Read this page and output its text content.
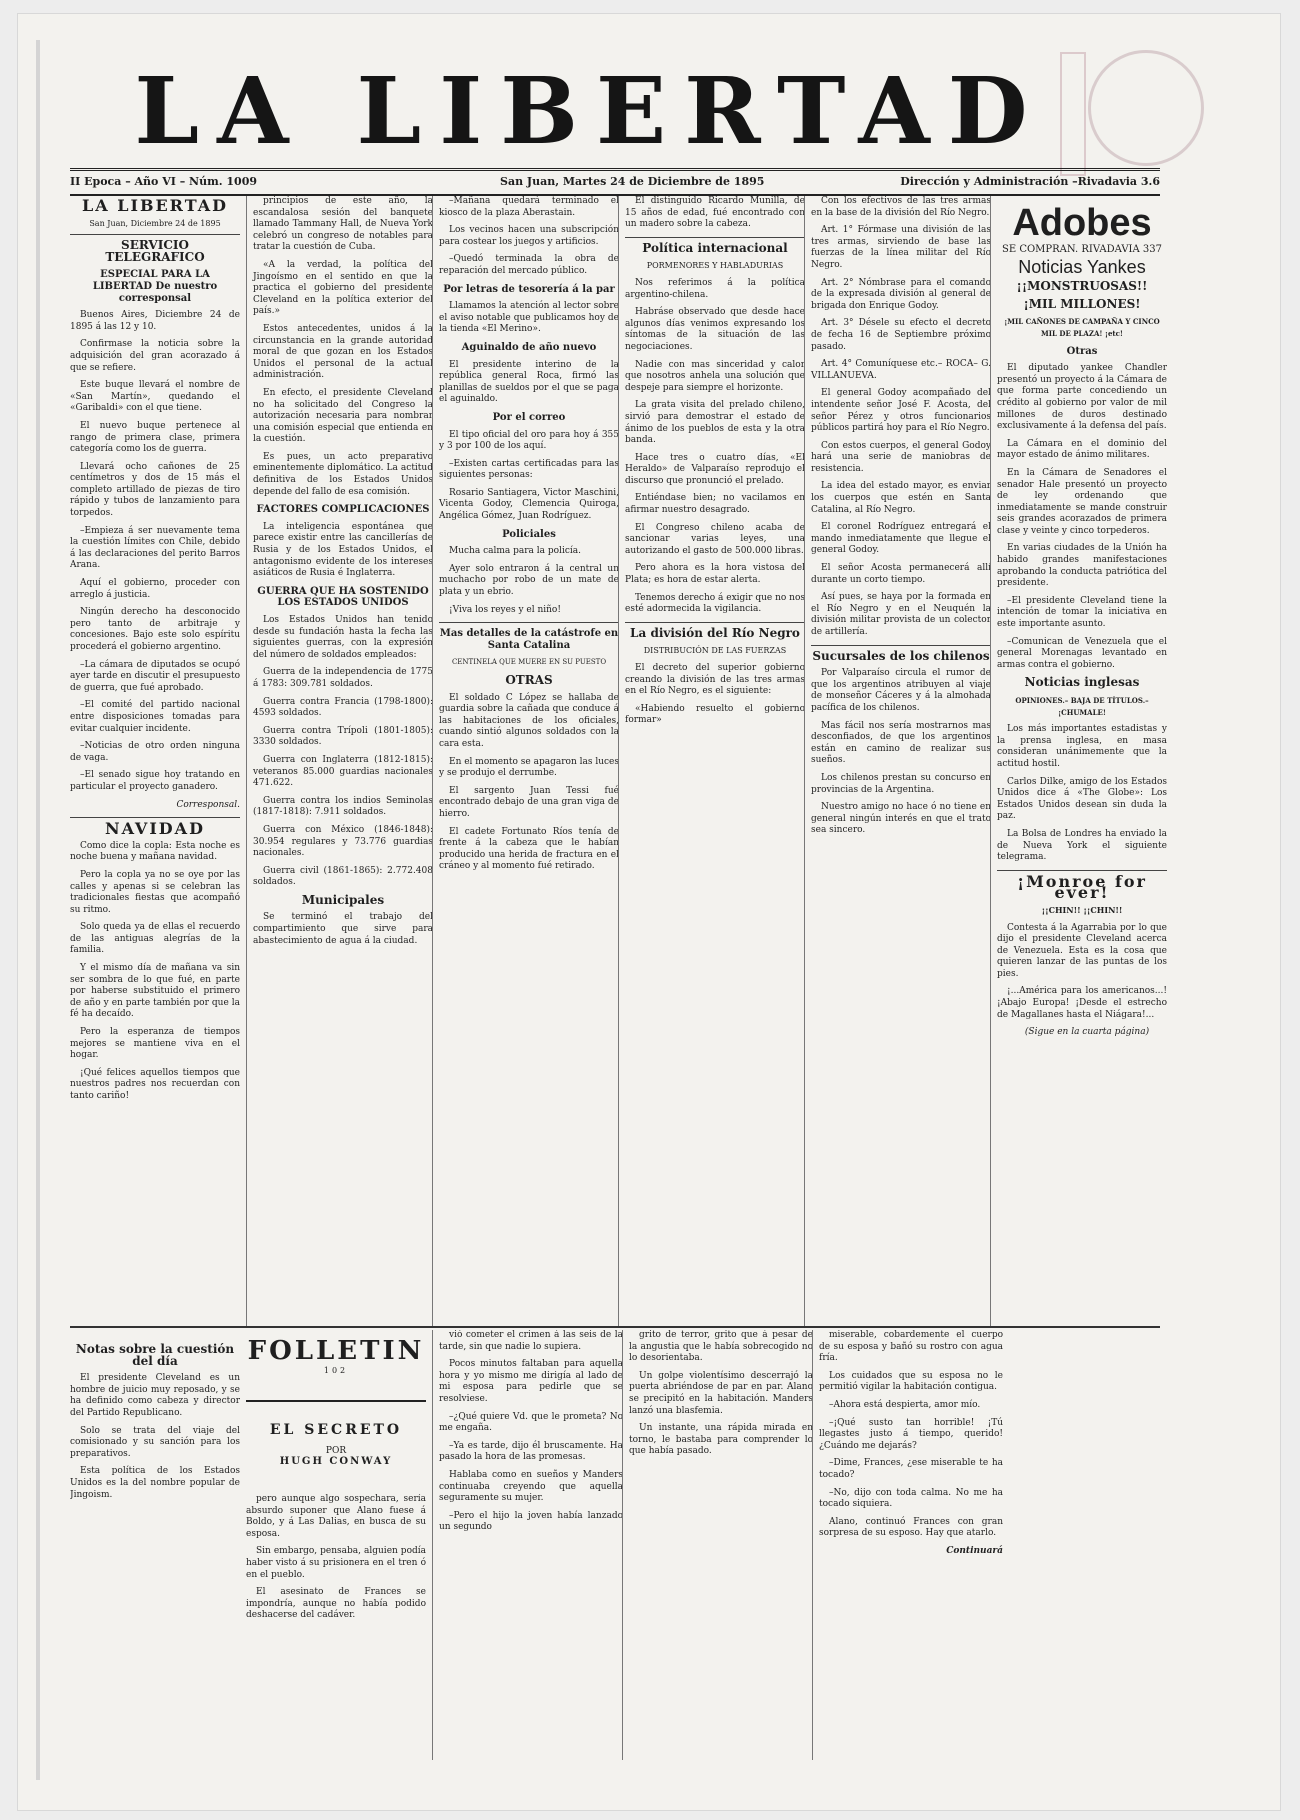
LA LIBERTAD
II Epoca – Año VI – Núm. 1009	San Juan, Martes 24 de Diciembre de 1895	Dirección y Administración –Rivadavia 3.6
LA LIBERTAD
San Juan, Diciembre 24 de 1895
SERVICIO TELEGRAFICO
ESPECIAL PARA LA LIBERTAD De nuestro corresponsal

Buenos Aires, Diciembre 24 de 1895 á las 12 y 10.

Confirmase la noticia sobre la adquisición del gran acorazado á que se refiere.

Este buque llevará el nombre de «San Martín», quedando el «Garibaldi» con el que tiene.

El nuevo buque pertenece al rango de primera clase, primera categoría como los de guerra.

Llevará ocho cañones de 25 centímetros y dos de 15 más el completo artillado de piezas de tiro rápido y tubos de lanzamiento para torpedos.

–Empieza á ser nuevamente tema la cuestión límites con Chile, debido á las declaraciones del perito Barros Arana.

Aquí el gobierno, proceder con arreglo á justicia.

Ningún derecho ha desconocido pero tanto de arbitraje y concesiones. Bajo este solo espíritu procederá el gobierno argentino.

–La cámara de diputados se ocupó ayer tarde en discutir el presupuesto de guerra, que fué aprobado.

–El comité del partido nacional entre disposiciones tomadas para evitar cualquier incidente.

–Noticias de otro orden ninguna de vaga.

–El senado sigue hoy tratando en particular el proyecto ganadero.

Corresponsal.

NAVIDAD

Como dice la copla: Esta noche es noche buena y mañana navidad.

Pero la copla ya no se oye por las calles y apenas si se celebran las tradicionales fiestas que acompañó su ritmo.

Solo queda ya de ellas el recuerdo de las antiguas alegrías de la familia.

Y el mismo día de mañana va sin ser sombra de lo que fué, en parte por haberse substituido el primero de año y en parte también por que la fé ha decaído.

Pero la esperanza de tiempos mejores se mantiene viva en el hogar.

¡Qué felices aquellos tiempos que nuestros padres nos recuerdan con tanto cariño!

principios de este año, la escandalosa sesión del banquete llamado Tammany Hall, de Nueva York celebró un congreso de notables para tratar la cuestión de Cuba.

«A la verdad, la política del Jingoísmo en el sentido en que la practica el gobierno del presidente Cleveland en la política exterior del país.»

Estos antecedentes, unidos á la circunstancia en la grande autoridad moral de que gozan en los Estados Unidos el personal de la actual administración.

En efecto, el presidente Cleveland no ha solicitado del Congreso la autorización necesaria para nombrar una comisión especial que entienda en la cuestión.

Es pues, un acto preparativo eminentemente diplomático. La actitud definitiva de los Estados Unidos depende del fallo de esa comisión.

FACTORES COMPLICACIONES

La inteligencia espontánea que parece existir entre las cancillerías de Rusia y de los Estados Unidos, el antagonismo evidente de los intereses asiáticos de Rusia é Inglaterra.

GUERRA QUE HA SOSTENIDO LOS ESTADOS UNIDOS

Los Estados Unidos han tenido desde su fundación hasta la fecha las siguientes guerras, con la expresión del número de soldados empleados:

Guerra de la independencia de 1775 á 1783: 309.781 soldados.

Guerra contra Francia (1798-1800): 4593 soldados.

Guerra contra Trípoli (1801-1805): 3330 soldados.

Guerra con Inglaterra (1812-1815): veteranos 85.000 guardias nacionales 471.622.

Guerra contra los indios Seminolas (1817-1818): 7.911 soldados.

Guerra con México (1846-1848): 30.954 regulares y 73.776 guardias nacionales.

Guerra civil (1861-1865): 2.772.408 soldados.

Municipales

Se terminó el trabajo del compartimiento que sirve para abastecimiento de agua á la ciudad.

–Mañana quedará terminado el kiosco de la plaza Aberastain.

Los vecinos hacen una subscripción para costear los juegos y artificios.

–Quedó terminada la obra de reparación del mercado público.

Por letras de tesorería á la par

Llamamos la atención al lector sobre el aviso notable que publicamos hoy de la tienda «El Merino».

Aguinaldo de año nuevo

El presidente interino de la república general Roca, firmó las planillas de sueldos por el que se paga el aguinaldo.

Por el correo

El tipo oficial del oro para hoy á 355 y 3 por 100 de los aquí.

–Existen cartas certificadas para las siguientes personas:

Rosario Santiagera, Victor Maschini, Vicenta Godoy, Clemencia Quiroga, Angélica Gómez, Juan Rodríguez.

Policiales

Mucha calma para la policía.

Ayer solo entraron á la central un muchacho por robo de un mate de plata y un ebrio.

¡Viva los reyes y el niño!

Mas detalles de la catástrofe en Santa Catalina
CENTINELA QUE MUERE EN SU PUESTO
OTRAS

El soldado C López se hallaba de guardia sobre la cañada que conduce á las habitaciones de los oficiales, cuando sintió algunos soldados con la cara esta.

En el momento se apagaron las luces y se produjo el derrumbe.

El sargento Juan Tessi fué encontrado debajo de una gran viga de hierro.

El cadete Fortunato Ríos tenía de frente á la cabeza que le habían producido una herida de fractura en el cráneo y al momento fué retirado.

El distinguido Ricardo Munilla, de 15 años de edad, fué encontrado con un madero sobre la cabeza.

Política internacional
PORMENORES Y HABLADURIAS

Nos referimos á la política argentino-chilena.

Habráse observado que desde hace algunos días venimos expresando los síntomas de la situación de las negociaciones.

Nadie con mas sinceridad y calor que nosotros anhela una solución que despeje para siempre el horizonte.

La grata visita del prelado chileno, sirvió para demostrar el estado de ánimo de los pueblos de esta y la otra banda.

Hace tres o cuatro días, «El Heraldo» de Valparaíso reprodujo el discurso que pronunció el prelado.

Entiéndase bien; no vacilamos en afirmar nuestro desagrado.

El Congreso chileno acaba de sancionar varias leyes, una autorizando el gasto de 500.000 libras.

Pero ahora es la hora vistosa del Plata; es hora de estar alerta.

Tenemos derecho á exigir que no nos esté adormecida la vigilancia.

La división del Río Negro
DISTRIBUCIÓN DE LAS FUERZAS

El decreto del superior gobierno creando la división de las tres armas en el Río Negro, es el siguiente:

«Habiendo resuelto el gobierno formar»

Con los efectivos de las tres armas en la base de la división del Río Negro.

Art. 1° Fórmase una división de las tres armas, sirviendo de base las fuerzas de la línea militar del Río Negro.

Art. 2° Nómbrase para el comando de la expresada división al general de brigada don Enrique Godoy.

Art. 3° Désele su efecto el decreto de fecha 16 de Septiembre próximo pasado.

Art. 4° Comuníquese etc.– ROCA– G. VILLANUEVA.

El general Godoy acompañado del intendente señor José F. Acosta, del señor Pérez y otros funcionarios públicos partirá hoy para el Río Negro.

Con estos cuerpos, el general Godoy hará una serie de maniobras de resistencia.

La idea del estado mayor, es enviar los cuerpos que estén en Santa Catalina, al Río Negro.

El coronel Rodríguez entregará el mando inmediatamente que llegue el general Godoy.

El señor Acosta permanecerá allí durante un corto tiempo.

Así pues, se haya por la formada en el Río Negro y en el Neuquén la división militar provista de un colector de artillería.

Sucursales de los chilenos

Por Valparaíso circula el rumor de que los argentinos atribuyen al viaje de monseñor Cáceres y á la almohada pacífica de los chilenos.

Mas fácil nos sería mostrarnos mas desconfiados, de que los argentinos están en camino de realizar sus sueños.

Los chilenos prestan su concurso en provincias de la Argentina.

Nuestro amigo no hace ó no tiene en general ningún interés en que el trato sea sincero.

Adobes
SE COMPRAN. RIVADAVIA 337
Noticias Yankes
¡¡MONSTRUOSAS!!
¡MIL MILLONES!
¡MIL CAÑONES DE CAMPAÑA Y CINCO MIL DE PLAZA! ¡etc!
Otras

El diputado yankee Chandler presentó un proyecto á la Cámara de que forma parte concediendo un crédito al gobierno por valor de mil millones de duros destinado exclusivamente á la defensa del país.

La Cámara en el dominio del mayor estado de ánimo militares.

En la Cámara de Senadores el senador Hale presentó un proyecto de ley ordenando que inmediatamente se mande construir seis grandes acorazados de primera clase y veinte y cinco torpederos.

En varias ciudades de la Unión ha habido grandes manifestaciones aprobando la conducta patriótica del presidente.

–El presidente Cleveland tiene la intención de tomar la iniciativa en este importante asunto.

–Comunican de Venezuela que el general Morenagas levantado en armas contra el gobierno.

Noticias inglesas
OPINIONES.– BAJA DE TÍTULOS.– ¡CHUMALE!

Los más importantes estadistas y la prensa inglesa, en masa consideran unánimemente que la actitud hostil.

Carlos Dilke, amigo de los Estados Unidos dice á «The Globe»: Los Estados Unidos desean sin duda la paz.

La Bolsa de Londres ha enviado la de Nueva York el siguiente telegrama.

¡Monroe for ever!
¡¡CHIN!! ¡¡CHIN!!

Contesta á la Agarrabia por lo que dijo el presidente Cleveland acerca de Venezuela. Esta es la cosa que quieren lanzar de las puntas de los pies.

¡...América para los americanos...! ¡Abajo Europa! ¡Desde el estrecho de Magallanes hasta el Niágara!...

(Sigue en la cuarta página)

Notas sobre la cuestión del día

El presidente Cleveland es un hombre de juicio muy reposado, y se ha definido como cabeza y director del Partido Republicano.

Solo se trata del viaje del comisionado y su sanción para los preparativos.

Esta política de los Estados Unidos es la del nombre popular de Jingoism.

FOLLETIN $^{102}$
EL SECRETO
POR
HUGH CONWAY

pero aunque algo sospechara, sería absurdo suponer que Alano fuese á Boldo, y á Las Dalias, en busca de su esposa.

Sin embargo, pensaba, alguien podía haber visto á su prisionera en el tren ó en el pueblo.

El asesinato de Frances se impondría, aunque no había podido deshacerse del cadáver.

vió cometer el crimen á las seis de la tarde, sin que nadie lo supiera.

Pocos minutos faltaban para aquella hora y yo mismo me dirigía al lado de mi esposa para pedirle que se resolviese.

–¿Qué quiere Vd. que le prometa? No me engaña.

–Ya es tarde, dijo él bruscamente. Ha pasado la hora de las promesas.

Hablaba como en sueños y Manders continuaba creyendo que aquella seguramente su mujer.

–Pero el hijo la joven había lanzado un segundo

grito de terror, grito que á pesar de la angustia que le había sobrecogido no lo desorientaba.

Un golpe violentísimo descerrajó la puerta abriéndose de par en par. Alano se precipitó en la habitación. Manders lanzó una blasfemia.

Un instante, una rápida mirada en torno, le bastaba para comprender lo que había pasado.

miserable, cobardemente el cuerpo de su esposa y bañó su rostro con agua fría.

Los cuidados que su esposa no le permitió vigilar la habitación contigua.

–Ahora está despierta, amor mío.

–¡Qué susto tan horrible! ¡Tú llegastes justo á tiempo, querido! ¿Cuándo me dejarás?

–Dime, Frances, ¿ese miserable te ha tocado?

–No, dijo con toda calma. No me ha tocado siquiera.

Alano, continuó Frances con gran sorpresa de su esposo. Hay que atarlo.

Continuará
